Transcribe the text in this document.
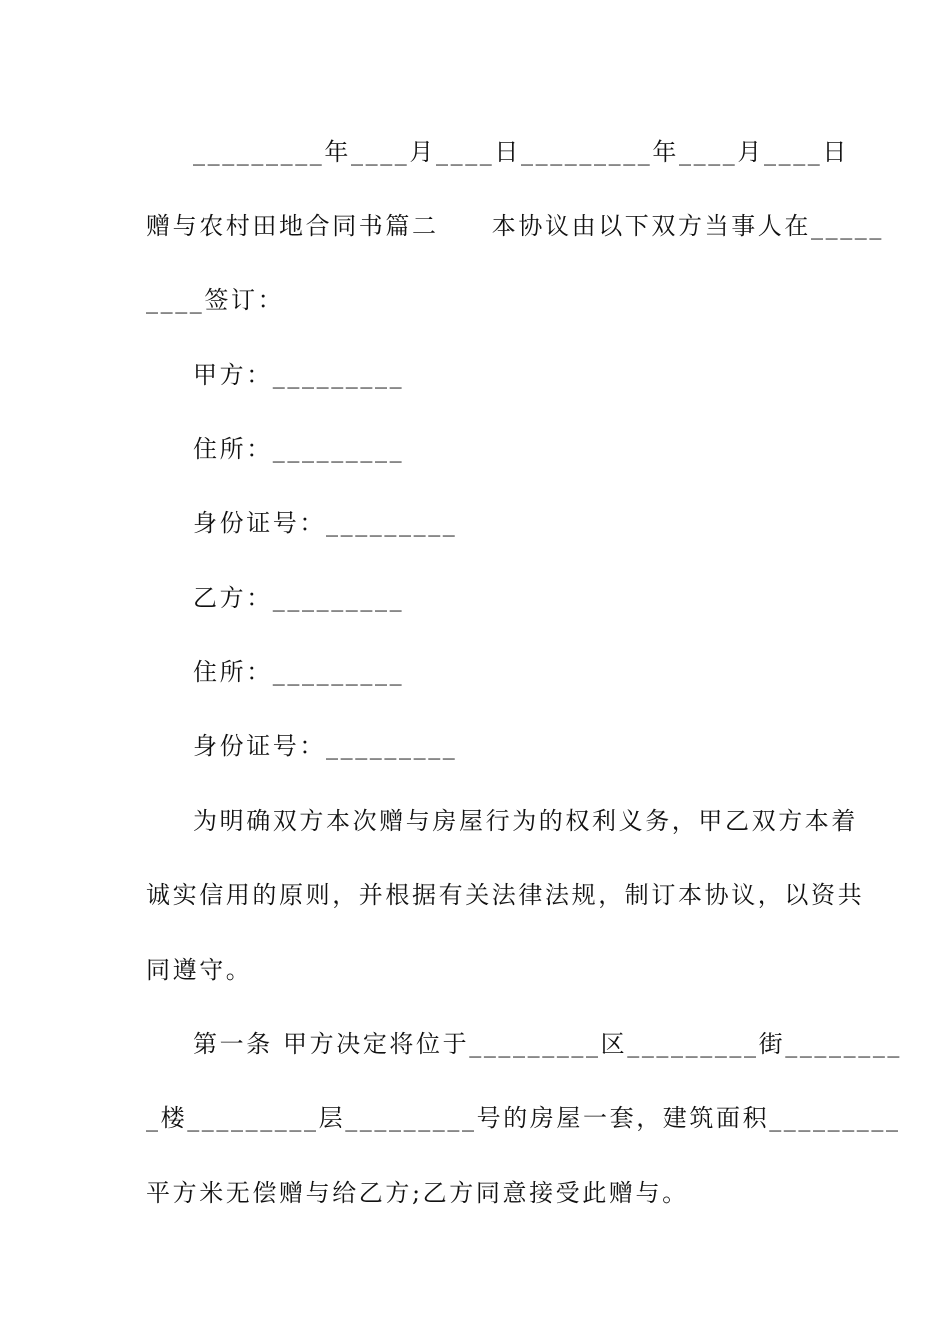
_________年____月____日_________年____月____日
赠与农村田地合同书篇二　　本协议由以下双方当事人在_____
____签订：
甲方：_________
住所：_________
身份证号：_________
乙方：_________
住所：_________
身份证号：_________
为明确双方本次赠与房屋行为的权利义务，甲乙双方本着
诚实信用的原则，并根据有关法律法规，制订本协议，以资共
同遵守。
第一条 甲方决定将位于_________区_________街________
_楼_________层_________号的房屋一套，建筑面积_________
平方米无偿赠与给乙方;乙方同意接受此赠与。
